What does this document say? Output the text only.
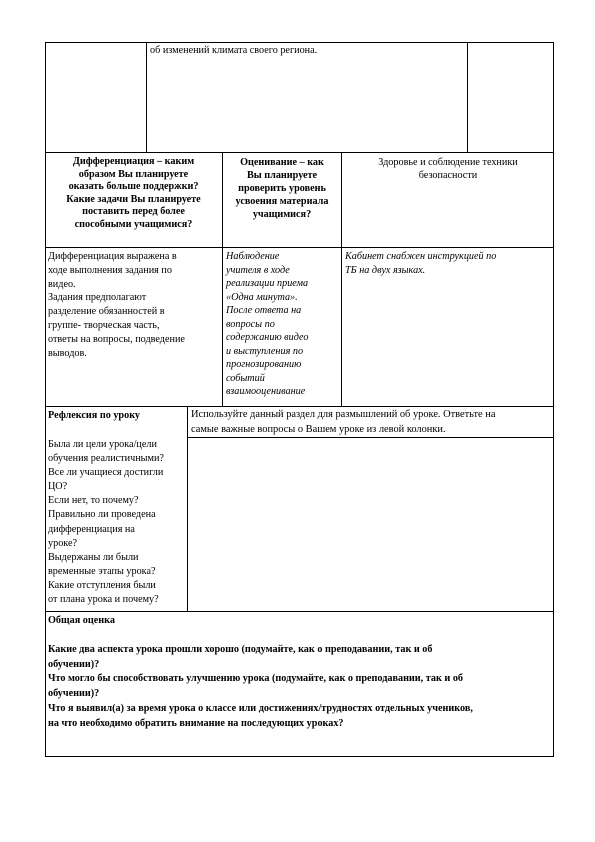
об изменений климата своего региона.
Дифференциация – каким
образом Вы планируете
оказать больше поддержки?
Какие задачи Вы планируете
поставить перед более
способными учащимися?
Оценивание – как
Вы планируете
проверить уровень
усвоения материала
учащимися?
Здоровье и соблюдение техники
безопасности
Дифференциация выражена в
ходе выполнения задания по
видео.
Задания предполагают
разделение обязанностей в
группе- творческая часть,
ответы на вопросы, подведение
выводов.
Наблюдение
учителя в ходе
реализации приема
«Одна минута».
После ответа на
вопросы по
содержанию видео
и выступления по
прогнозированию
событий
взаимооценивание
Кабинет снабжен инструкцией по
ТБ на двух языках.
Рефлексия по уроку
Была ли цели урока/цели
обучения реалистичными?
Все ли учащиеся достигли
ЦО?
Если нет, то почему?
Правильно ли проведена
дифференциация на
уроке?
Выдержаны ли были
временные этапы урока?
Какие отступления были
от плана урока и почему?
Используйте данный раздел для размышлений об уроке. Ответьте на
самые важные вопросы о Вашем уроке из левой колонки.
Общая оценка
Какие два аспекта урока прошли хорошо (подумайте, как о преподавании, так и об
обучении)?
Что могло бы способствовать улучшению урока (подумайте, как о преподавании, так и об
обучении)?
Что я выявил(а) за время урока о классе или достижениях/трудностях отдельных учеников,
на что необходимо обратить внимание на последующих уроках?
